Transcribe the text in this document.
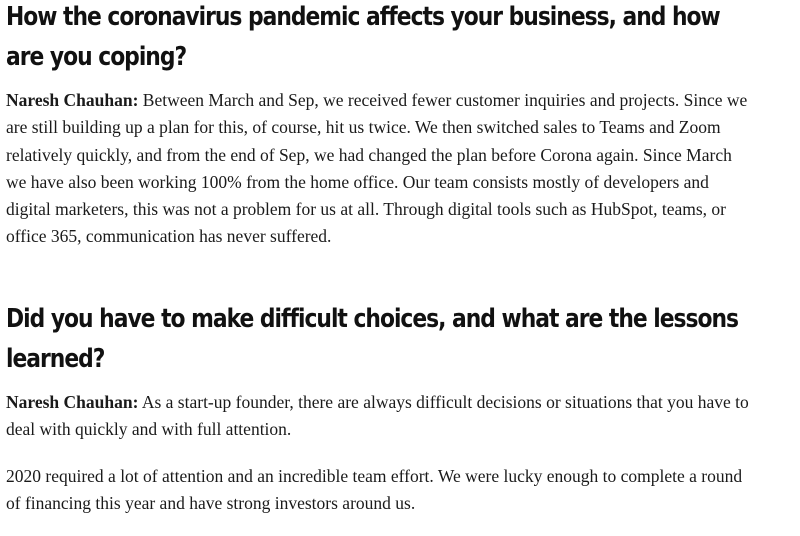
How the coronavirus pandemic affects your business, and how are you coping?

Naresh Chauhan: Between March and Sep, we received fewer customer inquiries and projects. Since we are still building up a plan for this, of course, hit us twice. We then switched sales to Teams and Zoom relatively quickly, and from the end of Sep, we had changed the plan before Corona again. Since March we have also been working 100% from the home office. Our team consists mostly of developers and digital marketers, this was not a problem for us at all. Through digital tools such as HubSpot, teams, or office 365, communication has never suffered.

Did you have to make difficult choices, and what are the lessons learned?

Naresh Chauhan: As a start-up founder, there are always difficult decisions or situations that you have to deal with quickly and with full attention.

2020 required a lot of attention and an incredible team effort. We were lucky enough to complete a round of financing this year and have strong investors around us.
